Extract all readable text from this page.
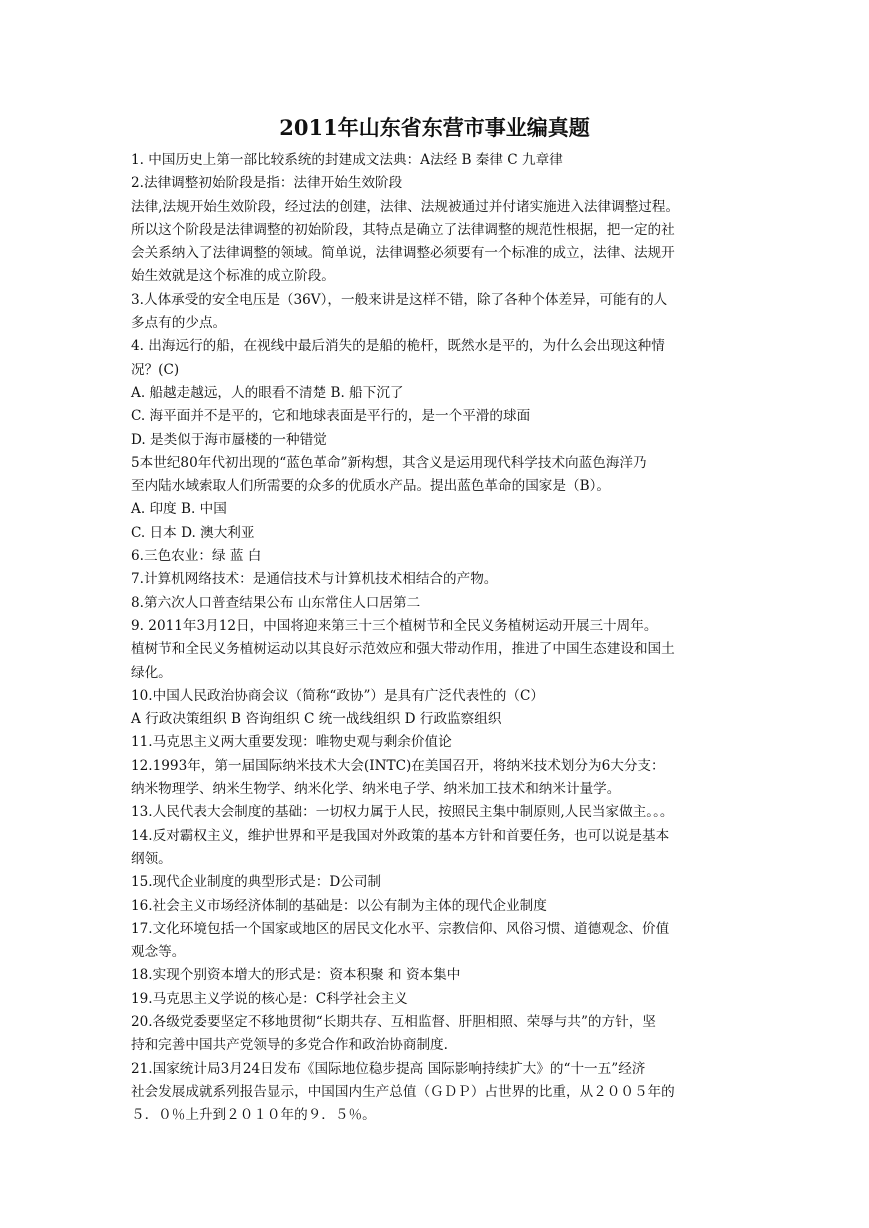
2011年山东省东营市事业编真题
1. 中国历史上第一部比较系统的封建成文法典：A法经 B 秦律 C 九章律
2.法律调整初始阶段是指：法律开始生效阶段
法律,法规开始生效阶段，经过法的创建，法律、法规被通过并付诸实施进入法律调整过程。
所以这个阶段是法律调整的初始阶段，其特点是确立了法律调整的规范性根据，把一定的社
会关系纳入了法律调整的领域。简单说，法律调整必须要有一个标准的成立，法律、法规开
始生效就是这个标准的成立阶段。
3.人体承受的安全电压是（36V），一般来讲是这样不错，除了各种个体差异，可能有的人
多点有的少点。
4. 出海远行的船，在视线中最后消失的是船的桅杆，既然水是平的，为什么会出现这种情
况？(C)
A. 船越走越远，人的眼看不清楚 B. 船下沉了
C. 海平面并不是平的，它和地球表面是平行的，是一个平滑的球面
D. 是类似于海市蜃楼的一种错觉
5本世纪80年代初出现的“蓝色革命”新构想，其含义是运用现代科学技术向蓝色海洋乃
至内陆水域索取人们所需要的众多的优质水产品。提出蓝色革命的国家是（B）。
A. 印度 B. 中国
C. 日本 D. 澳大利亚
6.三色农业：绿 蓝 白
7.计算机网络技术：是通信技术与计算机技术相结合的产物。
8.第六次人口普查结果公布 山东常住人口居第二
9. 2011年3月12日，中国将迎来第三十三个植树节和全民义务植树运动开展三十周年。
植树节和全民义务植树运动以其良好示范效应和强大带动作用，推进了中国生态建设和国土
绿化。
10.中国人民政治协商会议（简称“政协”）是具有广泛代表性的（C）
A 行政决策组织 B 咨询组织 C 统一战线组织 D 行政监察组织
11.马克思主义两大重要发现：唯物史观与剩余价值论
12.1993年，第一届国际纳米技术大会(INTC)在美国召开，将纳米技术划分为6大分支：
纳米物理学、纳米生物学、纳米化学、纳米电子学、纳米加工技术和纳米计量学。
13.人民代表大会制度的基础：一切权力属于人民，按照民主集中制原则,人民当家做主。。。
14.反对霸权主义，维护世界和平是我国对外政策的基本方针和首要任务，也可以说是基本
纲领。
15.现代企业制度的典型形式是：D公司制
16.社会主义市场经济体制的基础是：以公有制为主体的现代企业制度
17.文化环境包括一个国家或地区的居民文化水平、宗教信仰、风俗习惯、道德观念、价值
观念等。
18.实现个别资本增大的形式是：资本积聚 和 资本集中
19.马克思主义学说的核心是：C科学社会主义
20.各级党委要坚定不移地贯彻“长期共存、互相监督、肝胆相照、荣辱与共”的方针，坚
持和完善中国共产党领导的多党合作和政治协商制度.
21.国家统计局3月24日发布《国际地位稳步提高 国际影响持续扩大》的“十一五”经济
社会发展成就系列报告显示，中国国内生产总值（ＧＤＰ）占世界的比重，从２００５年的
５．０％上升到２０１０年的９．５％。
